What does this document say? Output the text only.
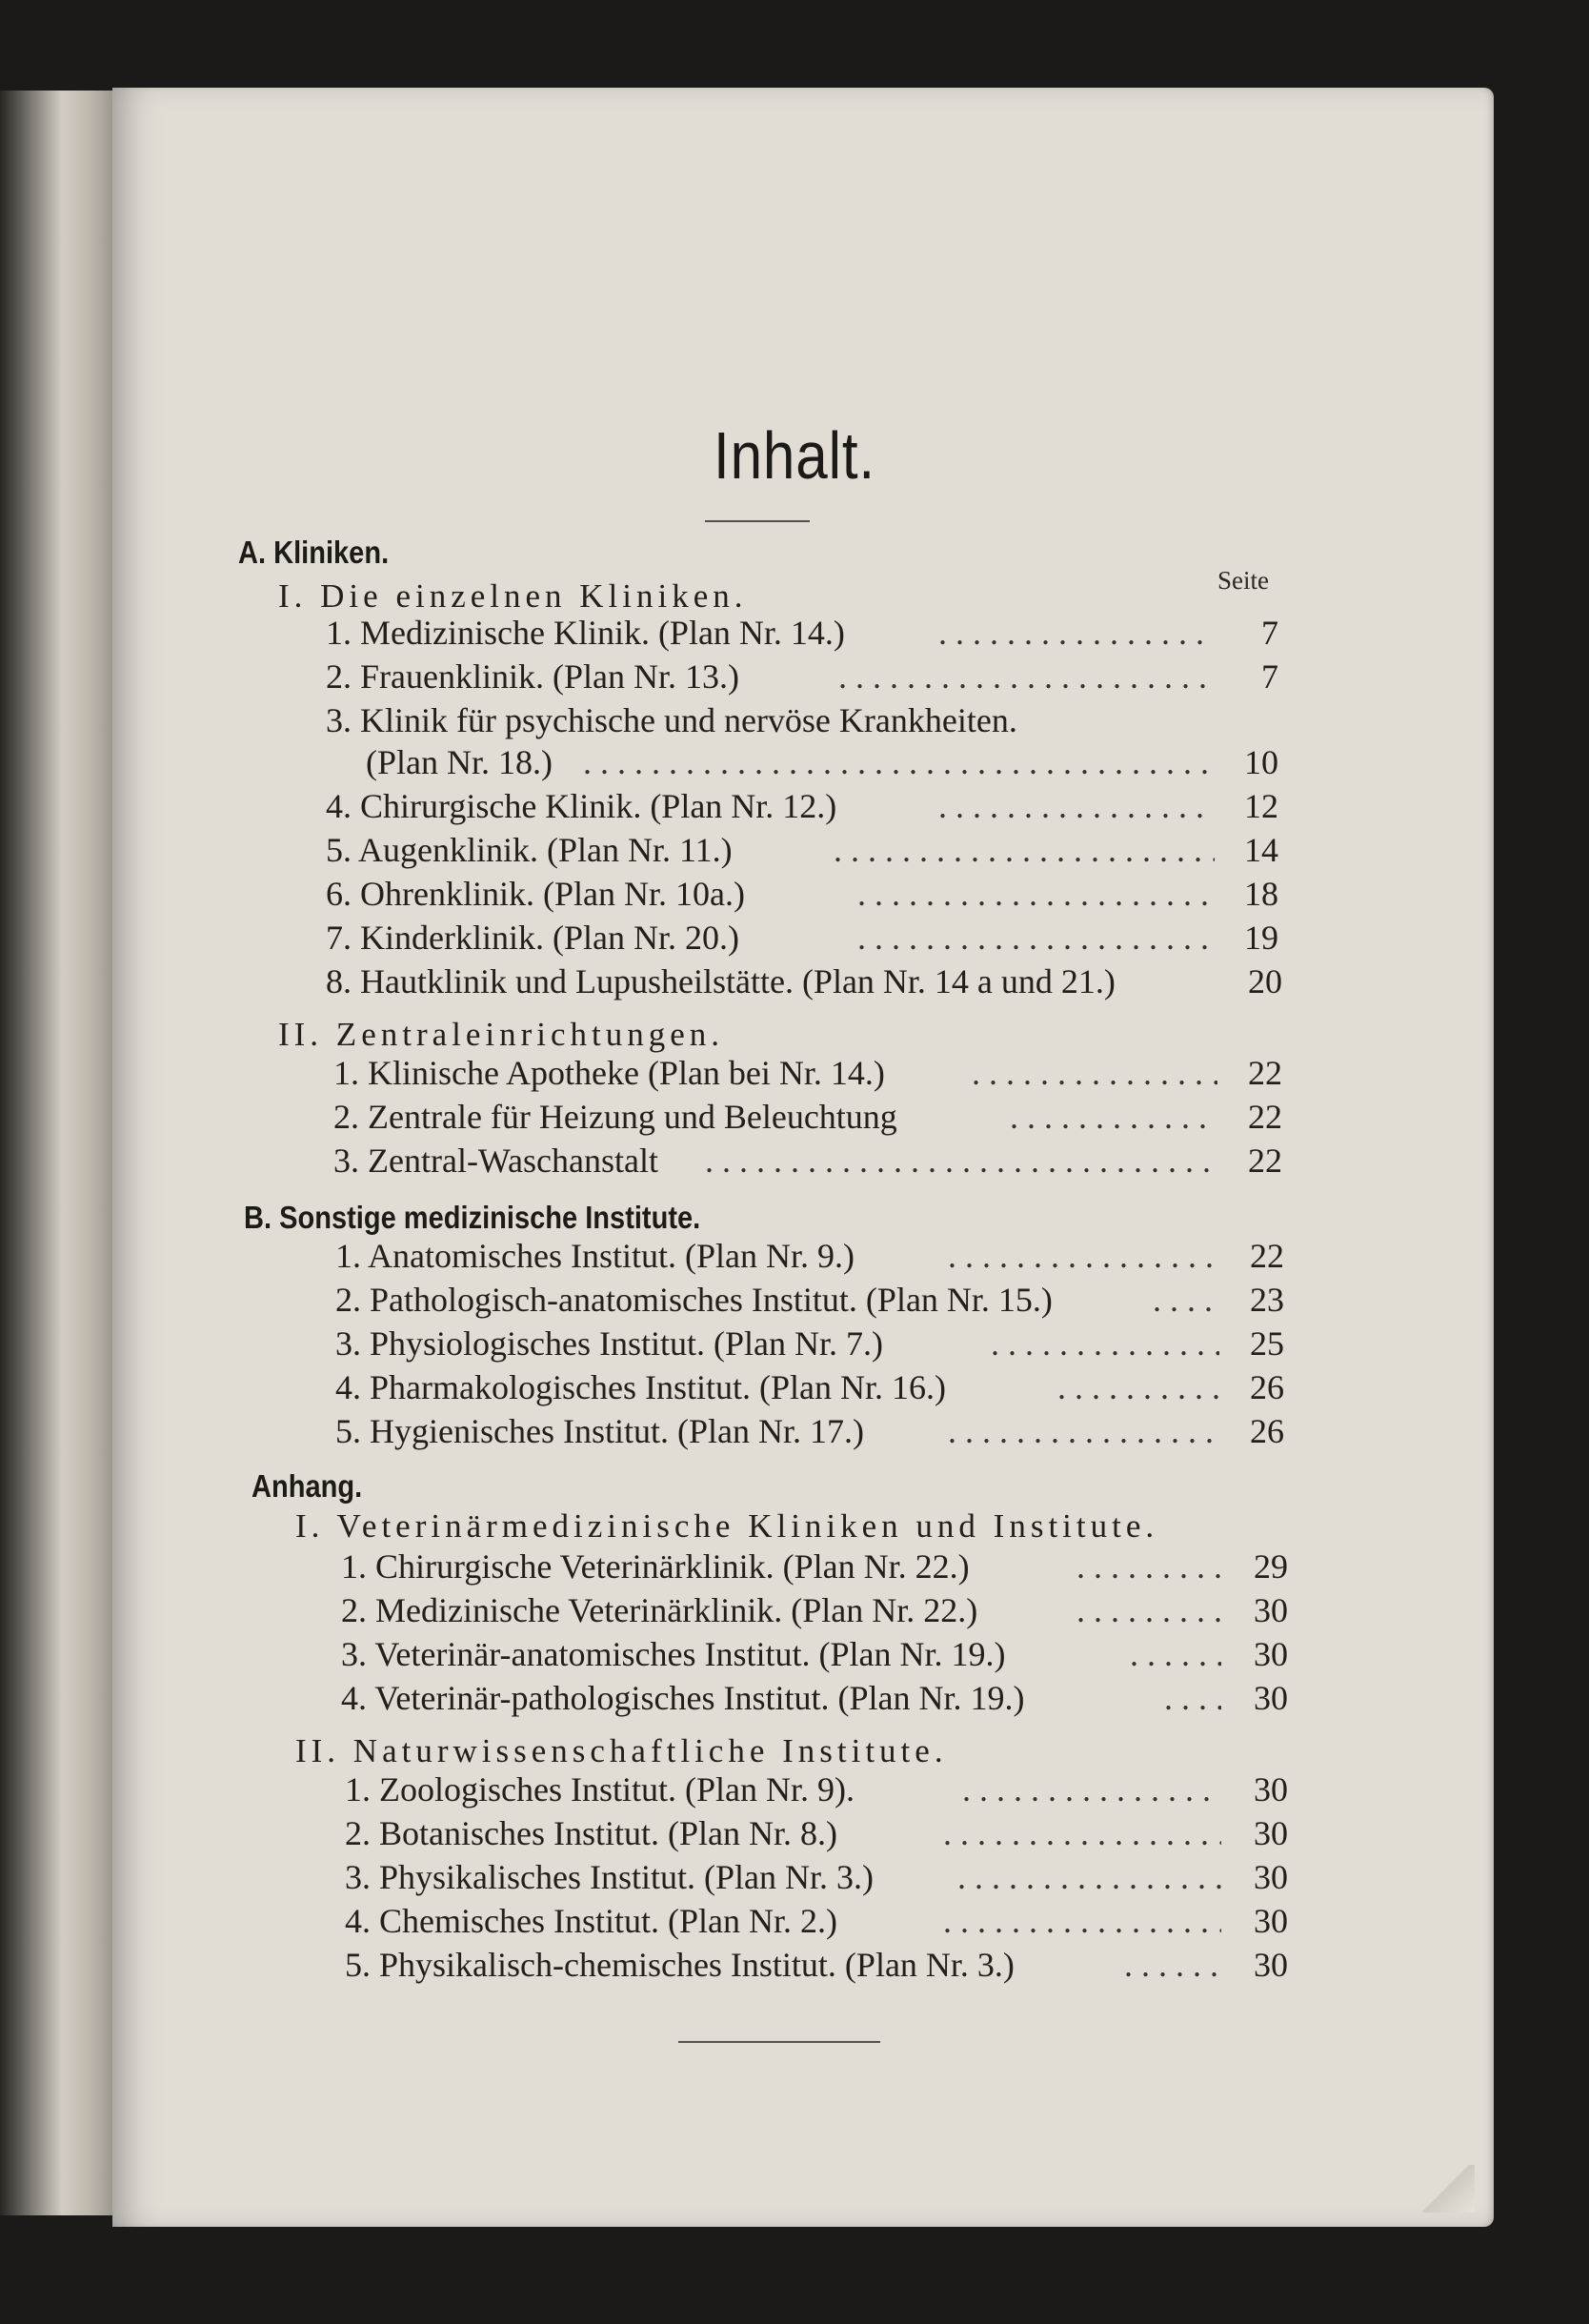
Inhalt.
A. Kliniken.
I. Die einzelnen Kliniken.	Seite
1. Medizinische Klinik. (Plan Nr. 14.) . . .	7
2. Frauenklinik. (Plan Nr. 13.) . . .	7
3. Klinik für psychische und nervöse Krankheiten.
(Plan Nr. 18.) . . .	10
4. Chirurgische Klinik. (Plan Nr. 12.) . . .	12
5. Augenklinik. (Plan Nr. 11.) . . .	14
6. Ohrenklinik. (Plan Nr. 10a.) . . .	18
7. Kinderklinik. (Plan Nr. 20.) . . .	19
8. Hautklinik und Lupusheilstätte. (Plan Nr. 14 a und 21.)	20
II. Zentraleinrichtungen.
1. Klinische Apotheke (Plan bei Nr. 14.) . . .	22
2. Zentrale für Heizung und Beleuchtung . . .	22
3. Zentral-Waschanstalt . . .	22
B. Sonstige medizinische Institute.
1. Anatomisches Institut. (Plan Nr. 9.) . . .	22
2. Pathologisch-anatomisches Institut. (Plan Nr. 15.) . . .	23
3. Physiologisches Institut. (Plan Nr. 7.) . . .	25
4. Pharmakologisches Institut. (Plan Nr. 16.) . . .	26
5. Hygienisches Institut. (Plan Nr. 17.) . . .	26
Anhang.
I. Veterinärmedizinische Kliniken und Institute.
1. Chirurgische Veterinärklinik. (Plan Nr. 22.) . . .	29
2. Medizinische Veterinärklinik. (Plan Nr. 22.) . . .	30
3. Veterinär-anatomisches Institut. (Plan Nr. 19.) . . .	30
4. Veterinär-pathologisches Institut. (Plan Nr. 19.) . . .	30
II. Naturwissenschaftliche Institute.
1. Zoologisches Institut. (Plan Nr. 9). . . .	30
2. Botanisches Institut. (Plan Nr. 8.) . . .	30
3. Physikalisches Institut. (Plan Nr. 3.) . . .	30
4. Chemisches Institut. (Plan Nr. 2.) . . .	30
5. Physikalisch-chemisches Institut. (Plan Nr. 3.) . . .	30
